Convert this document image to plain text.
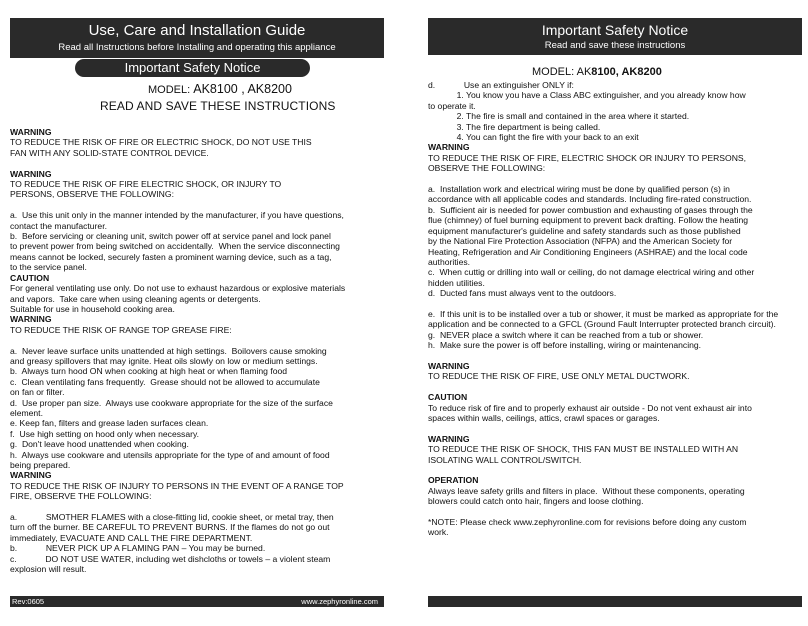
Use, Care and Installation Guide
Read all Instructions before Installing and operating this appliance
Important Safety Notice
MODEL: AK8100 , AK8200
READ AND SAVE THESE INSTRUCTIONS
WARNING
TO REDUCE THE RISK OF FIRE OR ELECTRIC SHOCK, DO NOT USE THIS
FAN WITH ANY SOLID-STATE CONTROL DEVICE.

WARNING
TO REDUCE THE RISK OF FIRE ELECTRIC SHOCK, OR INJURY TO
PERSONS, OBSERVE THE FOLLOWING:

a.  Use this unit only in the manner intended by the manufacturer, if you have questions,
contact the manufacturer.
b.  Before servicing or cleaning unit, switch power off at service panel and lock panel
to prevent power from being switched on accidentally.  When the service disconnecting
means cannot be locked, securely fasten a prominent warning device, such as a tag,
to the service panel.
CAUTION
For general ventilating use only. Do not use to exhaust hazardous or explosive materials
and vapors.  Take care when using cleaning agents or detergents.
Suitable for use in household cooking area.
WARNING
TO REDUCE THE RISK OF RANGE TOP GREASE FIRE:

a.  Never leave surface units unattended at high settings.  Boilovers cause smoking
and greasy spillovers that may ignite. Heat oils slowly on low or medium settings.
b.  Always turn hood ON when cooking at high heat or when flaming food
c.  Clean ventilating fans frequently.  Grease should not be allowed to accumulate
on fan or filter.
d.  Use proper pan size.  Always use cookware appropriate for the size of the surface
element.
e. Keep fan, filters and grease laden surfaces clean.
f.  Use high setting on hood only when necessary.
g.  Don't leave hood unattended when cooking.
h.  Always use cookware and utensils appropriate for the type of and amount of food
being prepared.
WARNING
TO REDUCE THE RISK OF INJURY TO PERSONS IN THE EVENT OF A RANGE TOP
FIRE, OBSERVE THE FOLLOWING:

a.            SMOTHER FLAMES with a close-fitting lid, cookie sheet, or metal tray, then
turn off the burner. BE CAREFUL TO PREVENT BURNS. If the flames do not go out
immediately, EVACUATE AND CALL THE FIRE DEPARTMENT.
b.            NEVER PICK UP A FLAMING PAN – You may be burned.
c.            DO NOT USE WATER, including wet dishcloths or towels – a violent steam
explosion will result.
Rev:0605	www.zephyronline.com
Important Safety Notice
Read and save these instructions
MODEL: AK8100, AK8200
d.            Use an extinguisher ONLY if:
1. You know you have a Class ABC extinguisher, and you already know how
to operate it.
2. The fire is small and contained in the area where it started.
3. The fire department is being called.
4. You can fight the fire with your back to an exit
WARNING
TO REDUCE THE RISK OF FIRE, ELECTRIC SHOCK OR INJURY TO PERSONS,
OBSERVE THE FOLLOWING:

a.  Installation work and electrical wiring must be done by qualified person (s) in
accordance with all applicable codes and standards. Including fire-rated construction.
b.  Sufficient air is needed for power combustion and exhausting of gases through the
flue (chimney) of fuel burning equipment to prevent back drafting. Follow the heating
equipment manufacturer's guideline and safety standards such as those published
by the National Fire Protection Association (NFPA) and the American Society for
Heating, Refrigeration and Air Conditioning Engineers (ASHRAE) and the local code
authorities.
c.  When cuttig or drilling into wall or ceiling, do not damage electrical wiring and other
hidden utilities.
d.  Ducted fans must always vent to the outdoors.

e.  If this unit is to be installed over a tub or shower, it must be marked as appropriate for the
application and be connected to a GFCL (Ground Fault Interrupter protected branch circuit).
g.  NEVER place a switch where it can be reached from a tub or shower.
h.  Make sure the power is off before installing, wiring or maintenancing.

WARNING
TO REDUCE THE RISK OF FIRE, USE ONLY METAL DUCTWORK.

CAUTION
To reduce risk of fire and to properly exhaust air outside - Do not vent exhaust air into
spaces within walls, ceilings, attics, crawl spaces or garages.

WARNING
TO REDUCE THE RISK OF SHOCK, THIS FAN MUST BE INSTALLED WITH AN
ISOLATING WALL CONTROL/SWITCH.

OPERATION
Always leave safety grills and filters in place.  Without these components, operating
blowers could catch onto hair, fingers and loose clothing.

*NOTE: Please check www.zephyronline.com for revisions before doing any custom
work.
